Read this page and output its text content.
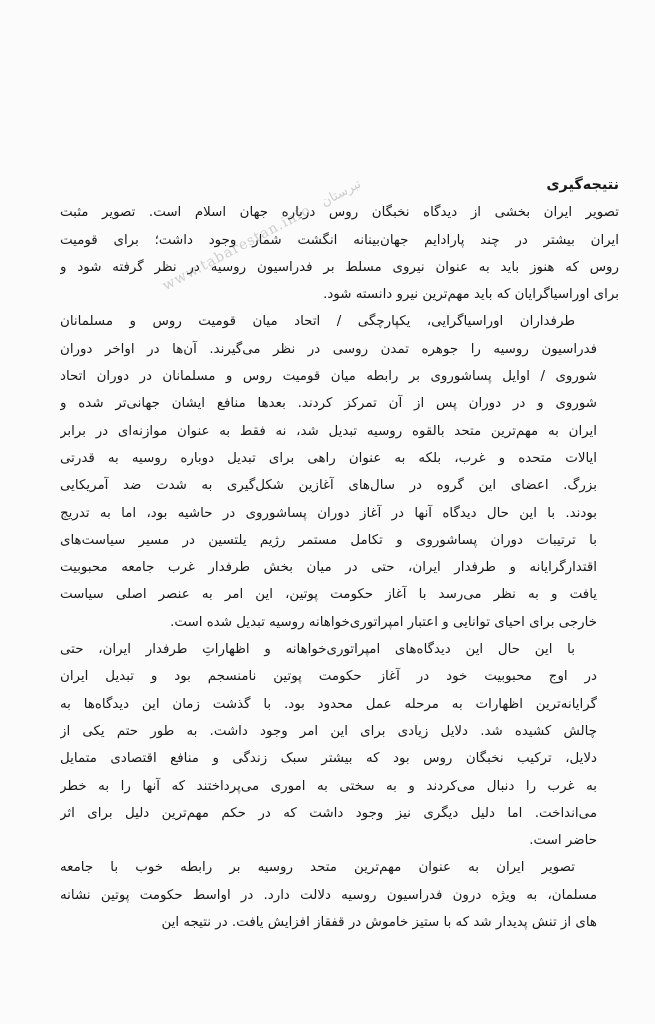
نتیجه‌گیری
تصویر ایران بخشی از دیدگاه نخبگان روس درباره جهان اسلام است. تصویر مثبت
ایران بیشتر در چند پارادایم جهان‌بینانه انگشت شمار وجود داشت؛ برای قومیت
روس که هنوز باید به عنوان نیروی مسلط بر فدراسیون روسیه در نظر گرفته شود و
برای اوراسیاگرایان که باید مهم‌ترین نیرو دانسته شود.
طرفداران اوراسیاگرایی، یکپارچگی / اتحاد میان قومیت روس و مسلمانان
فدراسیون روسیه را جوهره تمدن روسی در نظر می‌گیرند. آن‌ها در اواخر دوران
شوروی / اوایل پساشوروی بر رابطه میان قومیت روس و مسلمانان در دوران اتحاد
شوروی و در دوران پس از آن تمرکز کردند. بعدها منافع ایشان جهانی‌تر شده و
ایران به مهم‌ترین متحد بالقوه روسیه تبدیل شد، نه فقط به عنوان موازنه‌ای در برابر
ایالات متحده و غرب، بلکه به عنوان راهی برای تبدیل دوباره روسیه به قدرتی
بزرگ. اعضای این گروه در سال‌های آغازین شکل‌گیری به شدت ضد آمریکایی
بودند. با این حال دیدگاه آنها در آغاز دوران پساشوروی در حاشیه بود، اما به تدریج
با ترتیبات دوران پساشوروی و تکامل مستمر رژیم یلتسین در مسیر سیاست‌های
اقتدارگرایانه و طرفدار ایران، حتی در میان بخش طرفدار غرب جامعه محبوبیت
یافت و به نظر می‌رسد با آغاز حکومت پوتین، این امر به عنصر اصلی سیاست
خارجی برای احیای توانایی و اعتبار امپراتوری‌خواهانه روسیه تبدیل شده است.
با این حال این دیدگاه‌های امپراتوری‌خواهانه و اظهاراتِ طرفدار ایران، حتی
در اوج محبوبیت خود در آغاز حکومت پوتین نامنسجم بود و تبدیل ایران
گرایانه‌ترین اظهارات به مرحله عمل محدود بود. با گذشت زمان این دیدگاه‌ها به
چالش کشیده شد. دلایل زیادی برای این امر وجود داشت. به طور حتم یکی از
دلایل، ترکیب نخبگان روس بود که بیشتر سبک زندگی و منافع اقتصادی متمایل
به غرب را دنبال می‌کردند و به سختی به اموری می‌پرداختند که آنها را به خطر
می‌انداخت. اما دلیل دیگری نیز وجود داشت که در حکم مهم‌ترین دلیل برای اثر
حاضر است.
تصویر ایران به عنوان مهم‌ترین متحد روسیه بر رابطه خوب با جامعه
مسلمان، به ویژه درون فدراسیون روسیه دلالت دارد. در اواسط حکومت پوتین نشانه
های از تنش پدیدار شد که با ستیز خاموش در قفقاز افزایش یافت. در نتیجه این
www.tabarestan.info تبرستان
